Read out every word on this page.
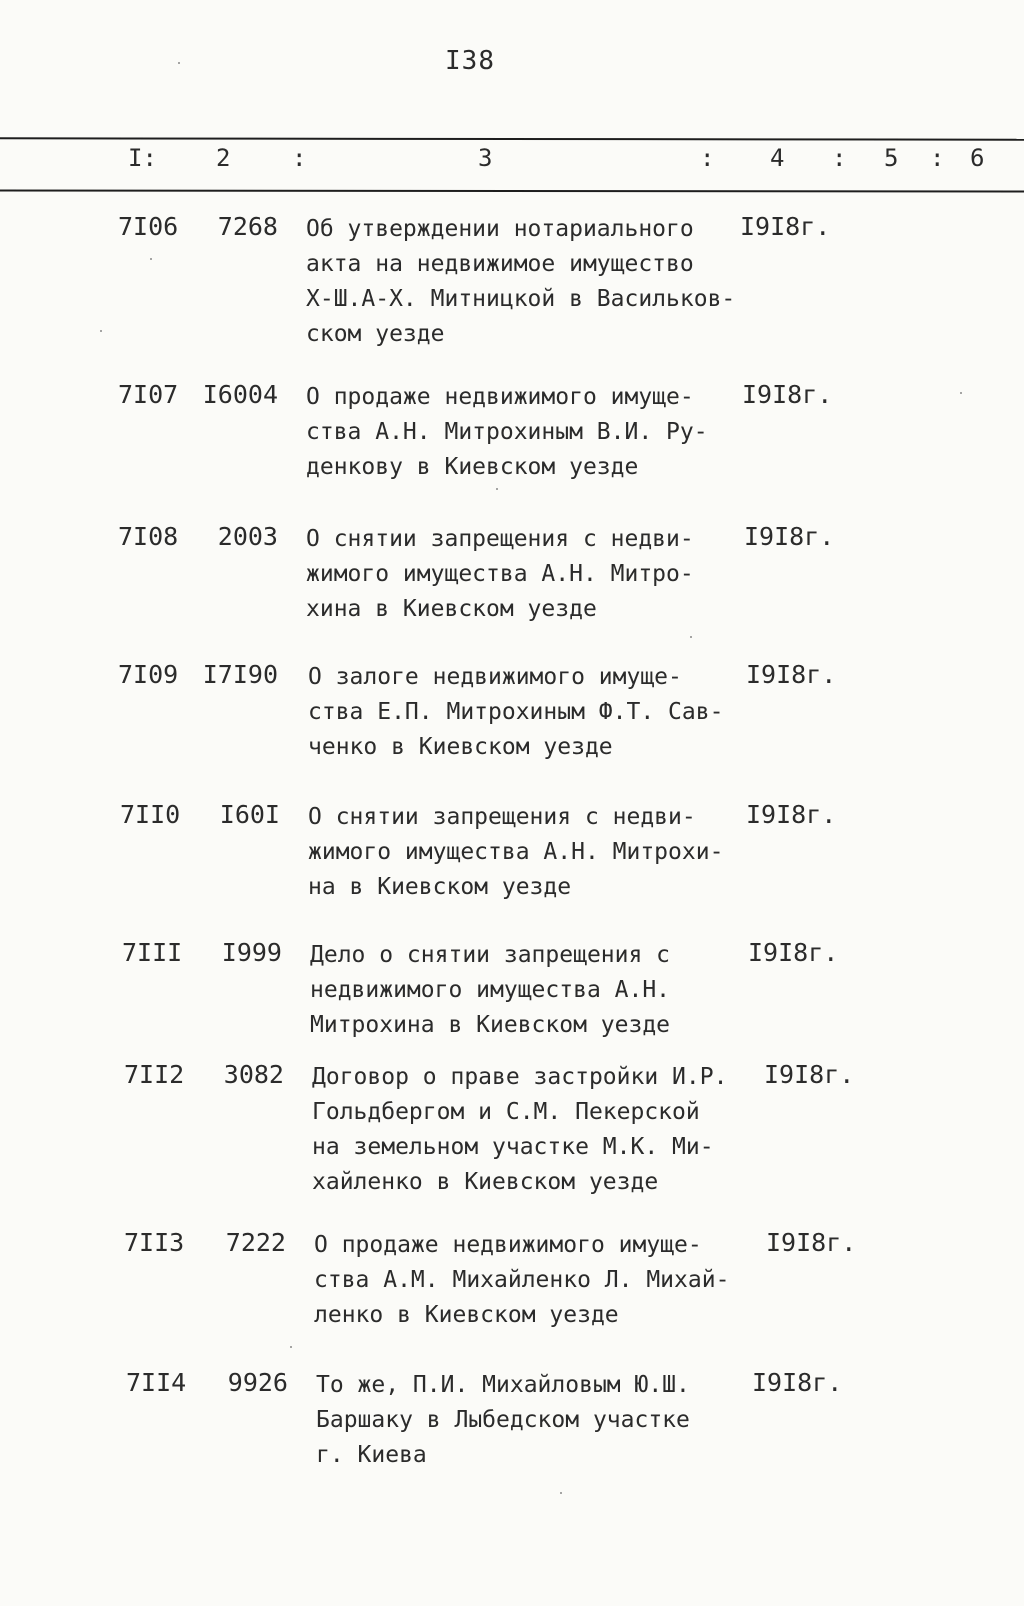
I38
I: 2	:	3	: 4 : 5 : 6
7I06	7268 Об утверждении нотариального
акта на недвижимое имущество
Х-Ш.А-Х. Митницкой в Васильков-
ском уезде
I9I8г.
7I07 I6004 О продаже недвижимого имуще-
ства А.Н. Митрохиным В.И. Ру-
денкову в Киевском уезде
I9I8г.
7I08	2003 О снятии запрещения с недви-
жимого имущества А.Н. Митро-
хина в Киевском уезде
I9I8г.
7I09 I7I90 О залоге недвижимого имуще-
ства Е.П. Митрохиным Ф.Т. Сав-
ченко в Киевском уезде
I9I8г.
7II0	I60I О снятии запрещения с недви-
жимого имущества А.Н. Митрохи-
на в Киевском уезде
I9I8г.
7III	I999 Дело о снятии запрещения с
недвижимого имущества А.Н.
Митрохина в Киевском уезде
I9I8г.
7II2	3082 Договор о праве застройки И.Р.
Гольдбергом и С.М. Пекерской
на земельном участке М.К. Ми-
хайленко в Киевском уезде
I9I8г.
7II3	7222 О продаже недвижимого имуще-
ства А.М. Михайленко Л. Михай-
ленко в Киевском уезде
I9I8г.
7II4	9926 То же, П.И. Михайловым Ю.Ш.
Баршаку в Лыбедском участке
г. Киева
I9I8г.
